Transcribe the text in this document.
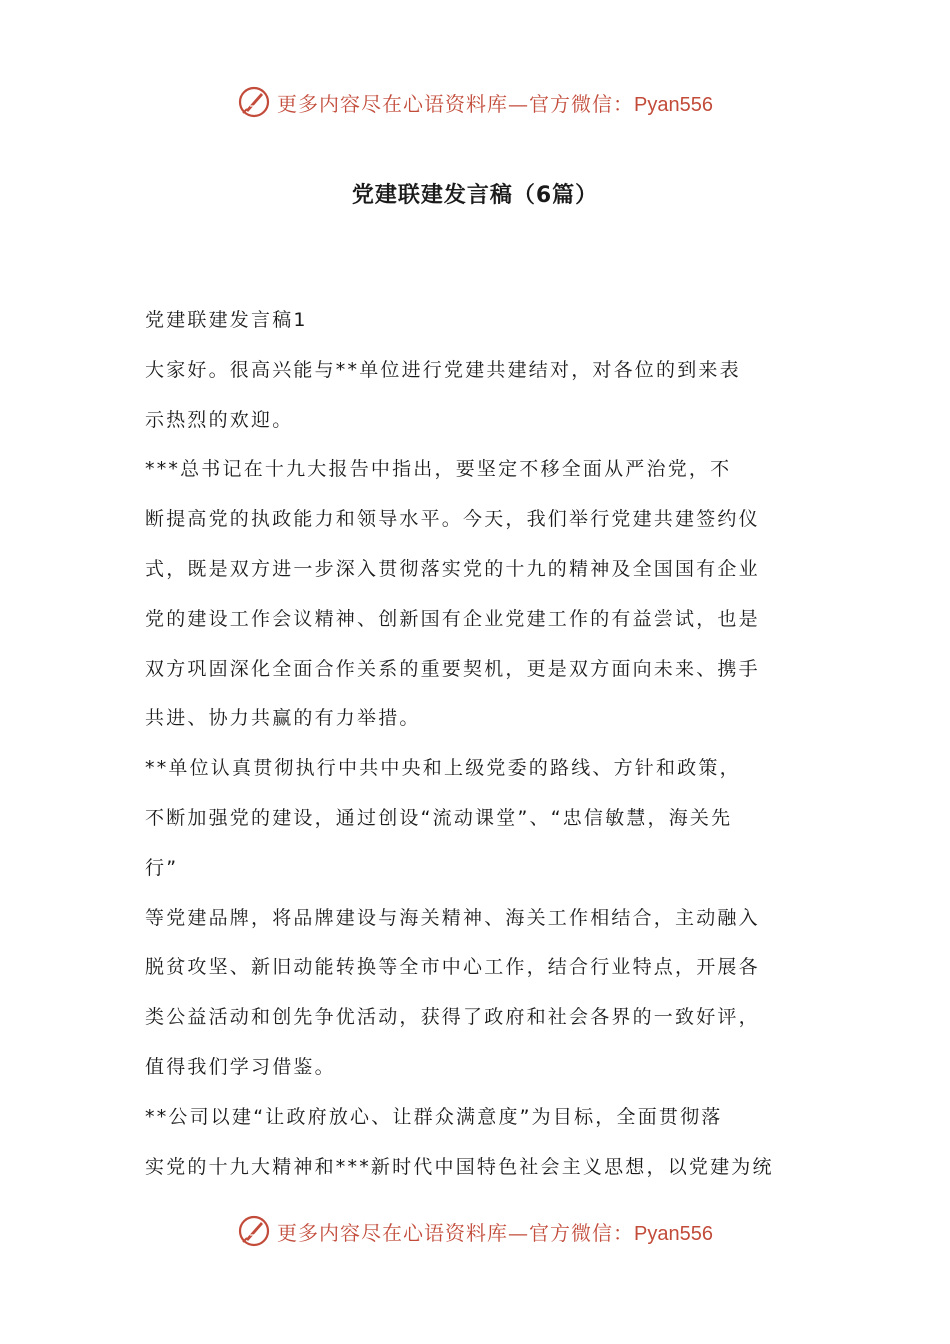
更多内容尽在心语资料库—官方微信：Pyan556
党建联建发言稿（6篇）
党建联建发言稿1
大家好。很高兴能与**单位进行党建共建结对，对各位的到来表
示热烈的欢迎。
***总书记在十九大报告中指出，要坚定不移全面从严治党，不
断提高党的执政能力和领导水平。今天，我们举行党建共建签约仪
式，既是双方进一步深入贯彻落实党的十九的精神及全国国有企业
党的建设工作会议精神、创新国有企业党建工作的有益尝试，也是
双方巩固深化全面合作关系的重要契机，更是双方面向未来、携手
共进、协力共赢的有力举措。
**单位认真贯彻执行中共中央和上级党委的路线、方针和政策，
不断加强党的建设，通过创设“流动课堂”、“忠信敏慧，海关先
行”
等党建品牌，将品牌建设与海关精神、海关工作相结合，主动融入
脱贫攻坚、新旧动能转换等全市中心工作，结合行业特点，开展各
类公益活动和创先争优活动，获得了政府和社会各界的一致好评，
值得我们学习借鉴。
**公司以建“让政府放心、让群众满意度”为目标，全面贯彻落
实党的十九大精神和***新时代中国特色社会主义思想，以党建为统
更多内容尽在心语资料库—官方微信：Pyan556
